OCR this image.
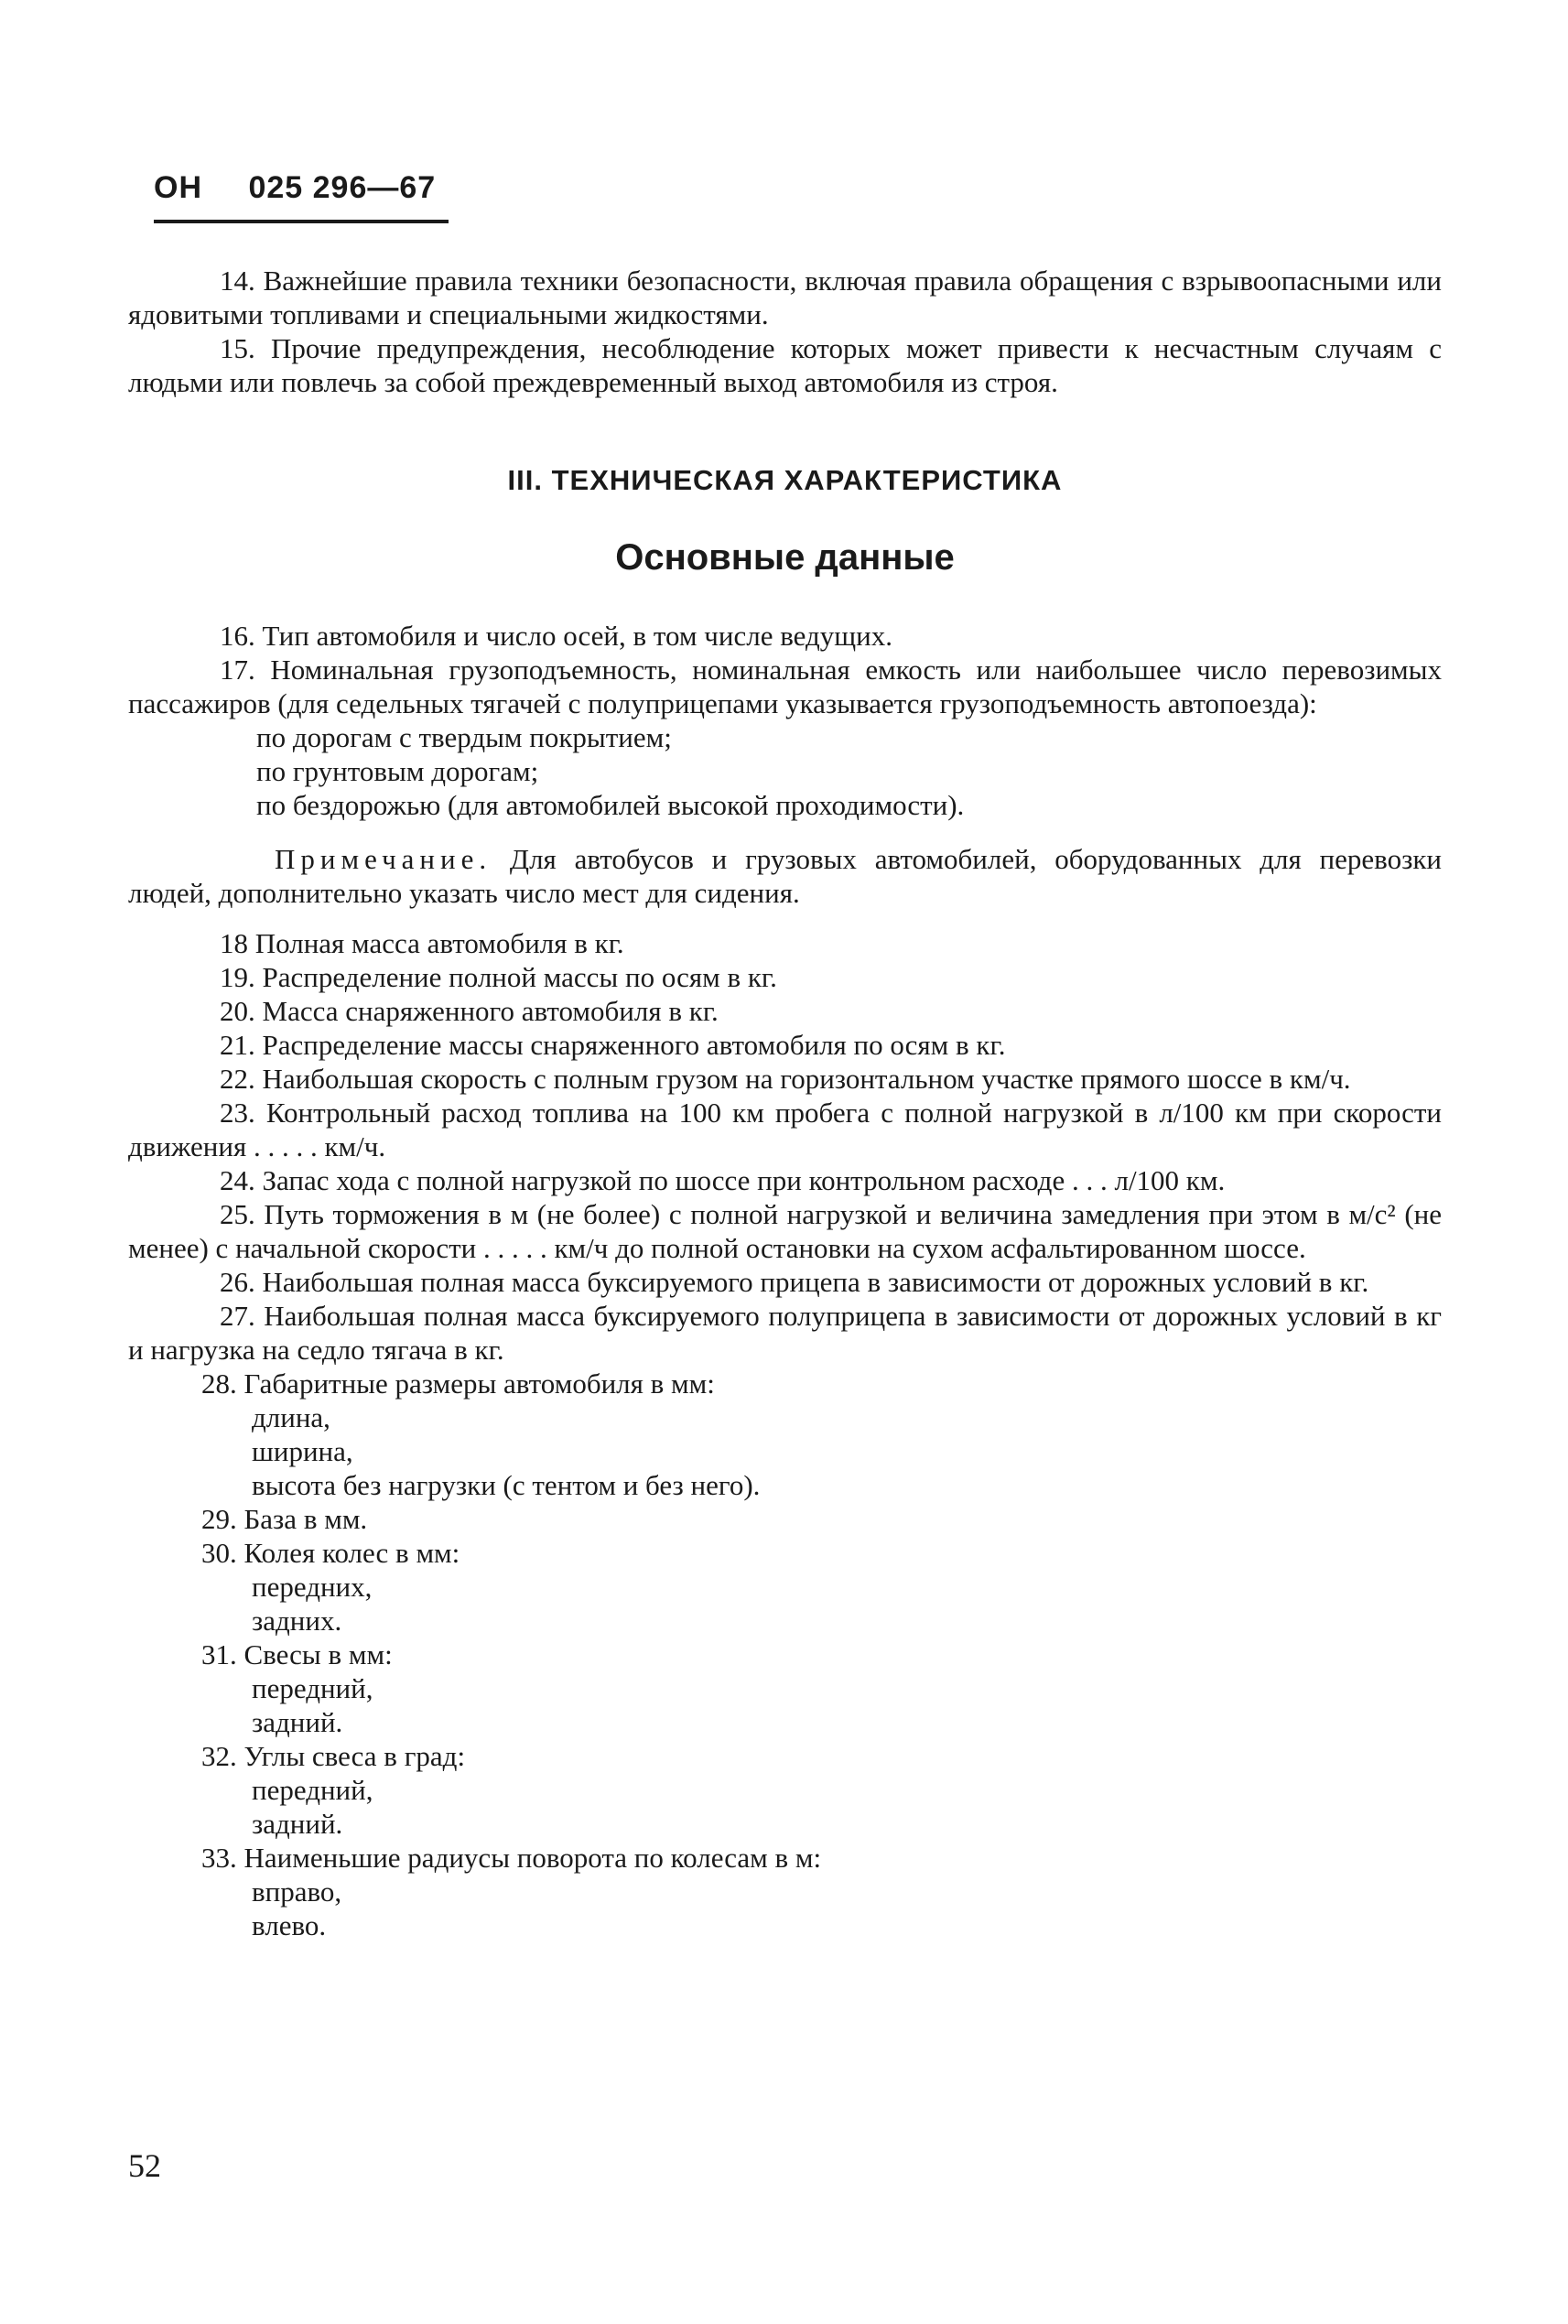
ОН 025 296—67

14. Важнейшие правила техники безопасности, включая правила обращения с взрывоопасными или ядовитыми топливами и специальными жидкостями.

15. Прочие предупреждения, несоблюдение которых может привести к несчастным случаям с людьми или повлечь за собой преждевременный выход автомобиля из строя.

III. ТЕХНИЧЕСКАЯ ХАРАКТЕРИСТИКА
Основные данные

16. Тип автомобиля и число осей, в том числе ведущих.

17. Номинальная грузоподъемность, номинальная емкость или наибольшее число перевозимых пассажиров (для седельных тягачей с полуприцепами указывается грузоподъемность автопоезда):

по дорогам с твердым покрытием;

по грунтовым дорогам;

по бездорожью (для автомобилей высокой проходимости).

Примечание. Для автобусов и грузовых автомобилей, оборудованных для перевозки людей, дополнительно указать число мест для сидения.

18 Полная масса автомобиля в кг.

19. Распределение полной массы по осям в кг.

20. Масса снаряженного автомобиля в кг.

21. Распределение массы снаряженного автомобиля по осям в кг.

22. Наибольшая скорость с полным грузом на горизонтальном участке прямого шоссе в км/ч.

23. Контрольный расход топлива на 100 км пробега с полной нагрузкой в л/100 км при скорости движения . . . . . км/ч.

24. Запас хода с полной нагрузкой по шоссе при контрольном расходе . . . л/100 км.

25. Путь торможения в м (не более) с полной нагрузкой и величина замедления при этом в м/с² (не менее) с начальной скорости . . . . . км/ч до полной остановки на сухом асфальтированном шоссе.

26. Наибольшая полная масса буксируемого прицепа в зависимости от дорожных условий в кг.

27. Наибольшая полная масса буксируемого полуприцепа в зависимости от дорожных условий в кг и нагрузка на седло тягача в кг.

28. Габаритные размеры автомобиля в мм:

длина,

ширина,

высота без нагрузки (с тентом и без него).

29. База в мм.

30. Колея колес в мм:

передних,

задних.

31. Свесы в мм:

передний,

задний.

32. Углы свеса в град:

передний,

задний.

33. Наименьшие радиусы поворота по колесам в м:

вправо,

влево.

52
